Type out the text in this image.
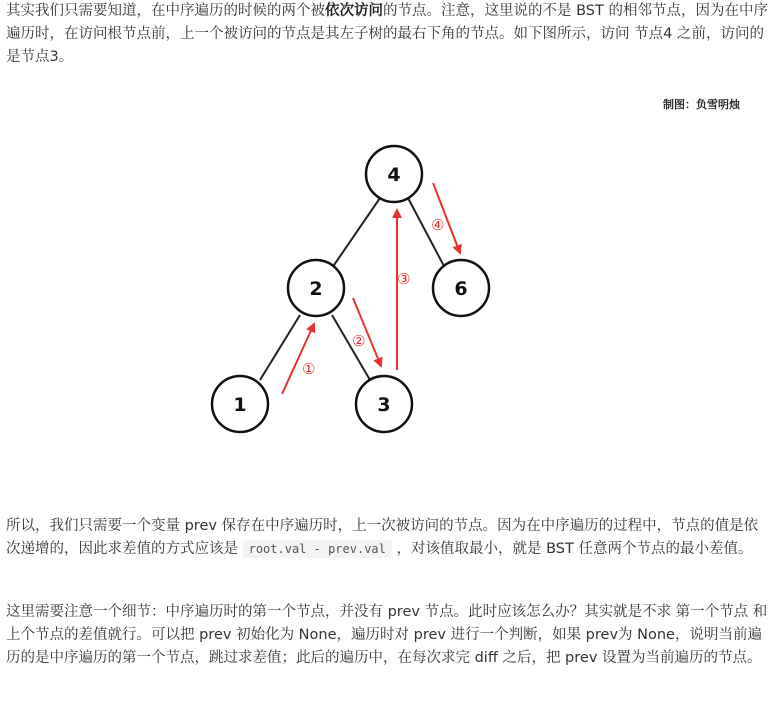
其实我们只需要知道，在中序遍历的时候的两个被依次访问的节点。注意，这里说的不是 BST 的相邻节点，因为在中序遍历时，在访问根节点前，上一个被访问的节点是其左子树的最右下角的节点。如下图所示，访问 节点4 之前，访问的是节点3。

制图：负雪明烛
①
②
③
④
4
2	6
1	3

所以，我们只需要一个变量 prev 保存在中序遍历时，上一次被访问的节点。因为在中序遍历的过程中，节点的值是依次递增的，因此求差值的方式应该是 root.val - prev.val ，对该值取最小，就是 BST 任意两个节点的最小差值。

这里需要注意一个细节：中序遍历时的第一个节点，并没有 prev 节点。此时应该怎么办？其实就是不求 第一个节点 和 上个节点的差值就行。可以把 prev 初始化为 None，遍历时对 prev 进行一个判断，如果 prev为 None，说明当前遍历的是中序遍历的第一个节点，跳过求差值；此后的遍历中，在每次求完 diff 之后，把 prev 设置为当前遍历的节点。
